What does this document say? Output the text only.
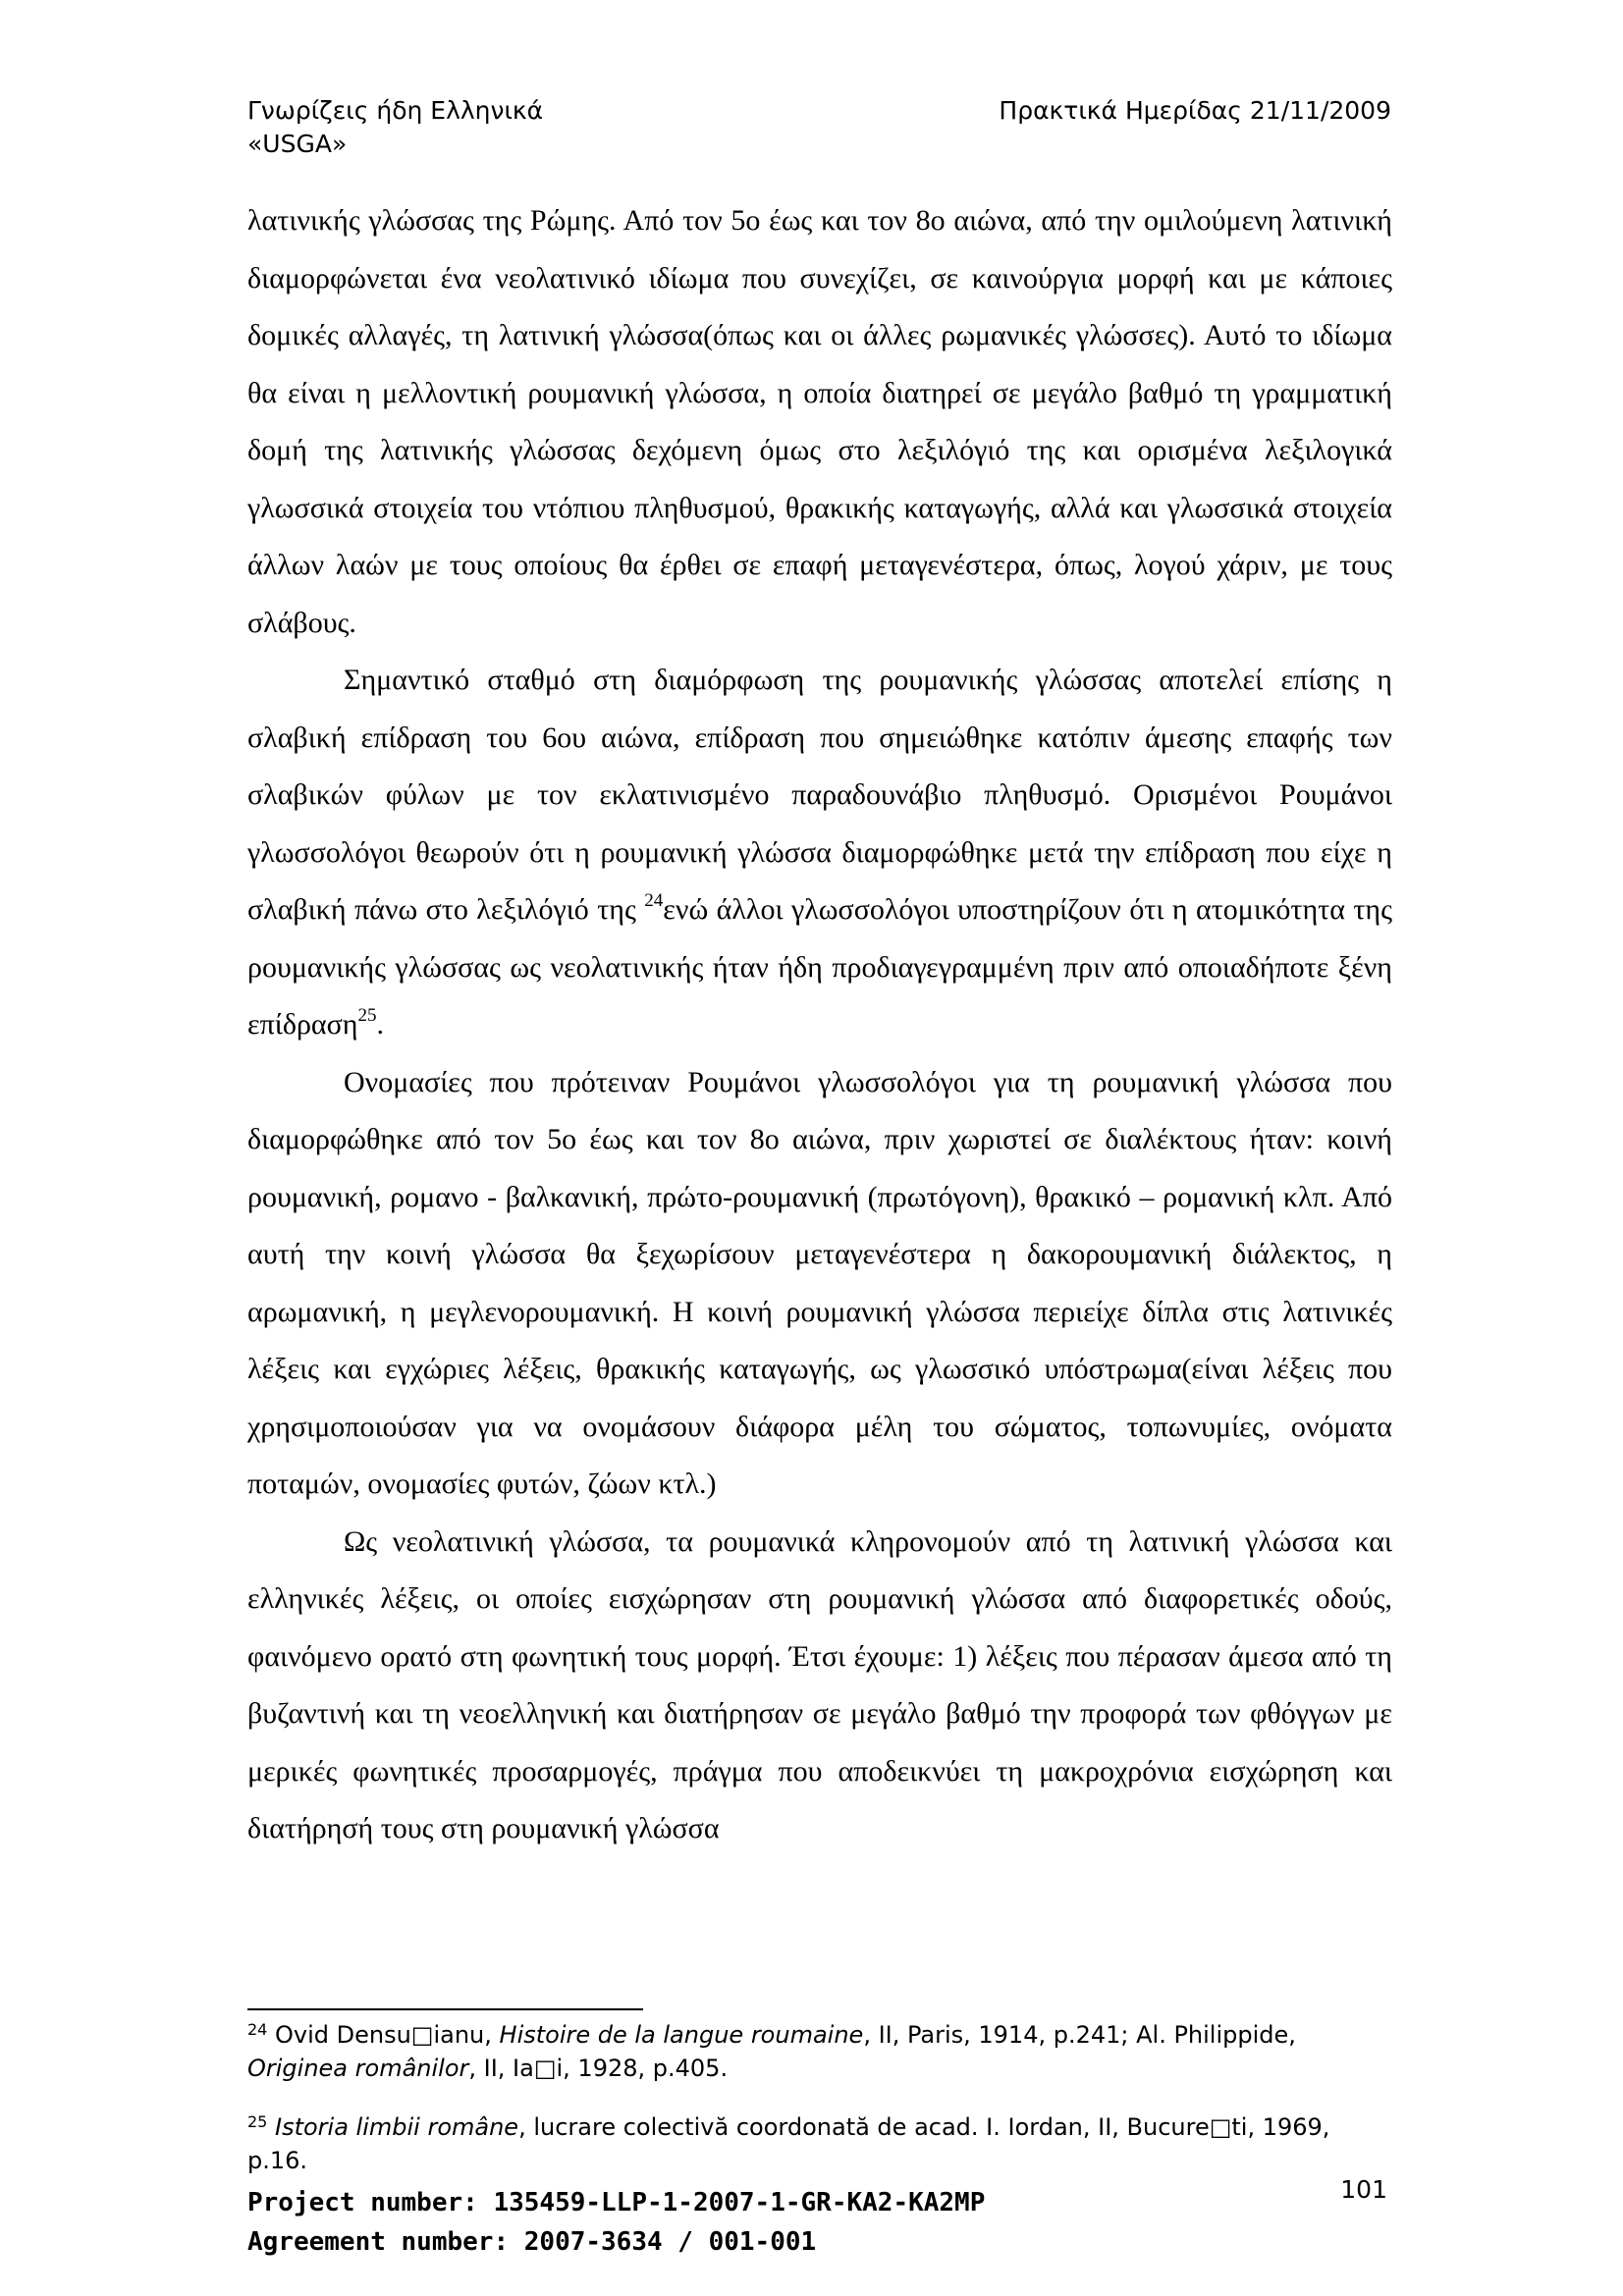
Γνωρίζεις ήδη Ελληνικά
«USGA»
Πρακτικά Ημερίδας 21/11/2009

λατινικής γλώσσας της Ρώμης. Από τον 5ο έως και τον 8ο αιώνα, από την ομιλούμενη λατινική διαμορφώνεται ένα νεολατινικό ιδίωμα που συνεχίζει, σε καινούργια μορφή και με κάποιες δομικές αλλαγές, τη λατινική γλώσσα(όπως και οι άλλες ρωμανικές γλώσσες). Αυτό το ιδίωμα θα είναι η μελλοντική ρουμανική γλώσσα, η οποία διατηρεί σε μεγάλο βαθμό τη γραμματική δομή της λατινικής γλώσσας δεχόμενη όμως στο λεξιλόγιό της και ορισμένα λεξιλογικά γλωσσικά στοιχεία του ντόπιου πληθυσμού, θρακικής καταγωγής, αλλά και γλωσσικά στοιχεία άλλων λαών με τους οποίους θα έρθει σε επαφή μεταγενέστερα, όπως, λογού χάριν, με τους σλάβους.

Σημαντικό σταθμό στη διαμόρφωση της ρουμανικής γλώσσας αποτελεί επίσης η σλαβική επίδραση του 6ου αιώνα, επίδραση που σημειώθηκε κατόπιν άμεσης επαφής των σλαβικών φύλων με τον εκλατινισμένο παραδουνάβιο πληθυσμό. Ορισμένοι Ρουμάνοι γλωσσολόγοι θεωρούν ότι η ρουμανική γλώσσα διαμορφώθηκε μετά την επίδραση που είχε η σλαβική πάνω στο λεξιλόγιό της $^{24}$ενώ άλλοι γλωσσολόγοι υποστηρίζουν ότι η ατομικότητα της ρουμανικής γλώσσας ως νεολατινικής ήταν ήδη προδιαγεγραμμένη πριν από οποιαδήποτε ξένη επίδραση$^{25}$.

Ονομασίες που πρότειναν Ρουμάνοι γλωσσολόγοι για τη ρουμανική γλώσσα που διαμορφώθηκε από τον 5ο έως και τον 8ο αιώνα, πριν χωριστεί σε διαλέκτους ήταν: κοινή ρουμανική, ρομανο - βαλκανική, πρώτο-ρουμανική (πρωτόγονη), θρακικό – ρομανική κλπ. Από αυτή την κοινή γλώσσα θα ξεχωρίσουν μεταγενέστερα η δακορουμανική διάλεκτος, η αρωμανική, η μεγλενορουμανική. Η κοινή ρουμανική γλώσσα περιείχε δίπλα στις λατινικές λέξεις και εγχώριες λέξεις, θρακικής καταγωγής, ως γλωσσικό υπόστρωμα(είναι λέξεις που χρησιμοποιούσαν για να ονομάσουν διάφορα μέλη του σώματος, τοπωνυμίες, ονόματα ποταμών, ονομασίες φυτών, ζώων κτλ.)

Ως νεολατινική γλώσσα, τα ρουμανικά κληρονομούν από τη λατινική γλώσσα και ελληνικές λέξεις, οι οποίες εισχώρησαν στη ρουμανική γλώσσα από διαφορετικές οδούς, φαινόμενο ορατό στη φωνητική τους μορφή. Έτσι έχουμε: 1) λέξεις που πέρασαν άμεσα από τη βυζαντινή και τη νεοελληνική και διατήρησαν σε μεγάλο βαθμό την προφορά των φθόγγων με μερικές φωνητικές προσαρμογές, πράγμα που αποδεικνύει τη μακροχρόνια εισχώρηση και διατήρησή τους στη ρουμανική γλώσσα

$^{24}$ Ovid Densu□ianu, Histoire de la langue roumaine, II, Paris, 1914, p.241; Al. Philippide, Originea românilor, II, Ia□i, 1928, p.405.

$^{25}$ Istoria limbii române, lucrare colectivă coordonată de acad. I. Iordan, II, Bucure□ti, 1969, p.16.

Project number: 135459-LLP-1-2007-1-GR-KA2-KA2MP
Agreement number: 2007-3634 / 001-001
101
